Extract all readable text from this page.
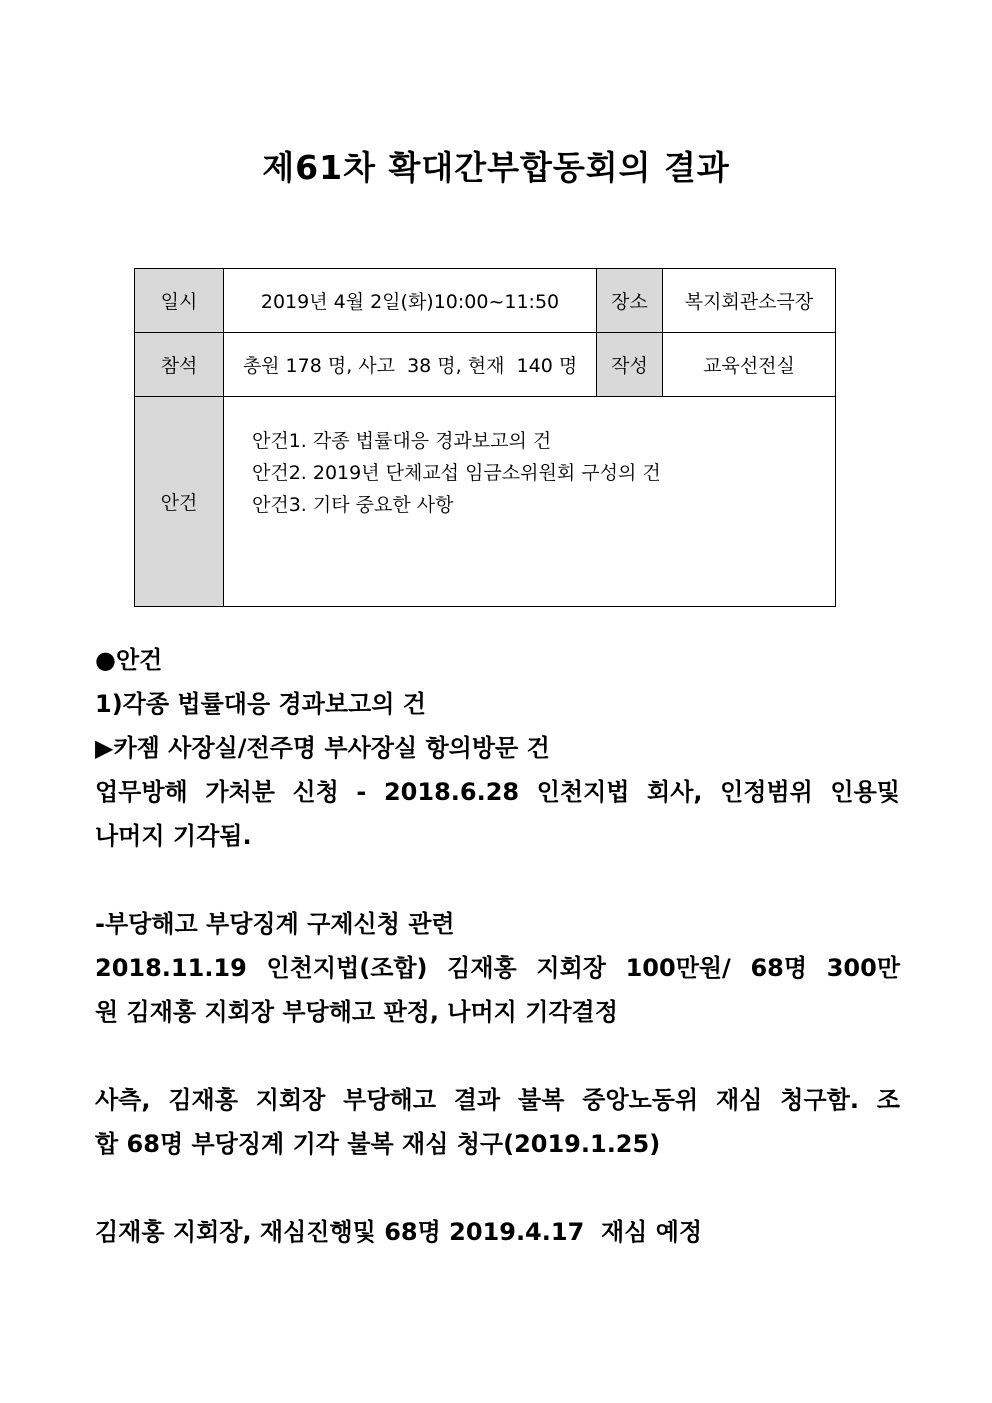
제61차 확대간부합동회의 결과
일시	2019년 4월 2일(화)10:00~11:50	장소	복지회관소극장
참석	총원 178 명, 사고  38 명, 현재  140 명	작성	교육선전실
안건	안건1. 각종 법률대응 경과보고의 건
안건2. 2019년 단체교섭 임금소위원회 구성의 건
안건3. 기타 중요한 사항		
●안건
1)각종 법률대응 경과보고의 건
▶카젬 사장실/전주명 부사장실 항의방문 건
업무방해 가처분 신청 - 2018.6.28 인천지법 회사, 인정범위 인용및
나머지 기각됨.
-부당해고 부당징계 구제신청 관련
2018.11.19 인천지법(조합) 김재홍 지회장 100만원/ 68명 300만
원 김재홍 지회장 부당해고 판정, 나머지 기각결정
사측, 김재홍 지회장 부당해고 결과 불복 중앙노동위 재심 청구함. 조
합 68명 부당징계 기각 불복 재심 청구(2019.1.25)
김재홍 지회장, 재심진행및 68명 2019.4.17  재심 예정
